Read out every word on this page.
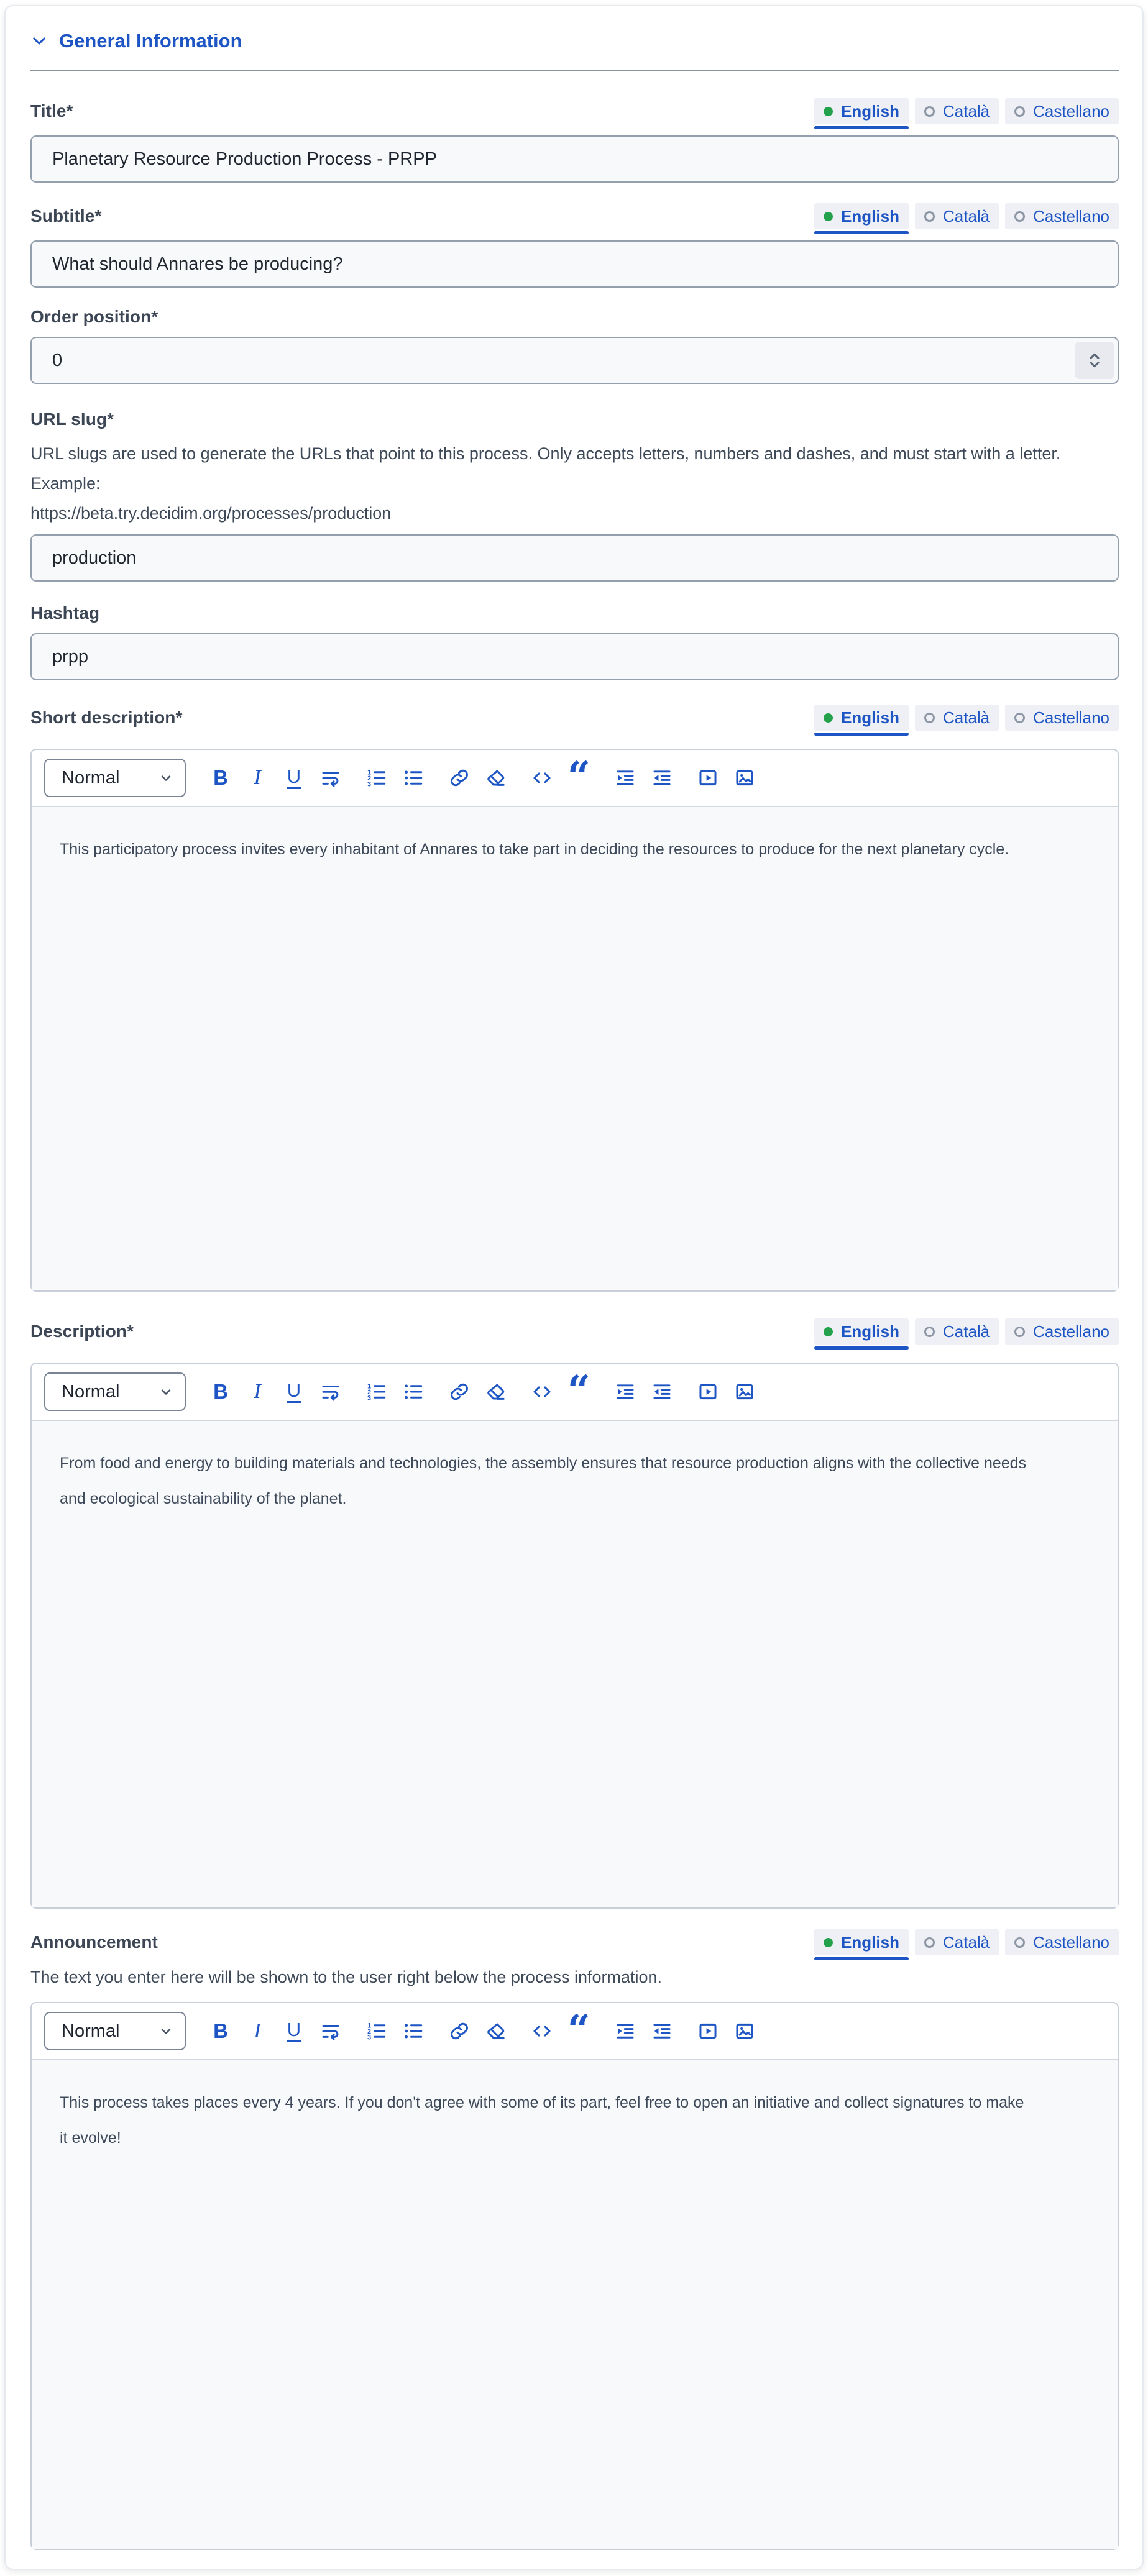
General Information
Title*	English	Català	Castellano
Planetary Resource Production Process - PRPP
Subtitle*	English	Català	Castellano
What should Annares be producing?
Order position*
0
URL slug*
URL slugs are used to generate the URLs that point to this process. Only accepts letters, numbers and dashes, and must start with a letter. Example:
https://beta.try.decidim.org/processes/production
production
Hashtag
prpp
Short description*	English	Català	Castellano
Normal	B I U	1
2
3	“

This participatory process invites every inhabitant of Annares to take part in deciding the resources to produce for the next planetary cycle.

Description*	English	Català	Castellano
Normal	B I U	1
2
3	“

From food and energy to building materials and technologies, the assembly ensures that resource production aligns with the collective needs and ecological sustainability of the planet.

Announcement	English	Català	Castellano
The text you enter here will be shown to the user right below the process information.
Normal	B I U	1
2
3	“

This process takes places every 4 years. If you don't agree with some of its part, feel free to open an initiative and collect signatures to make it evolve!
